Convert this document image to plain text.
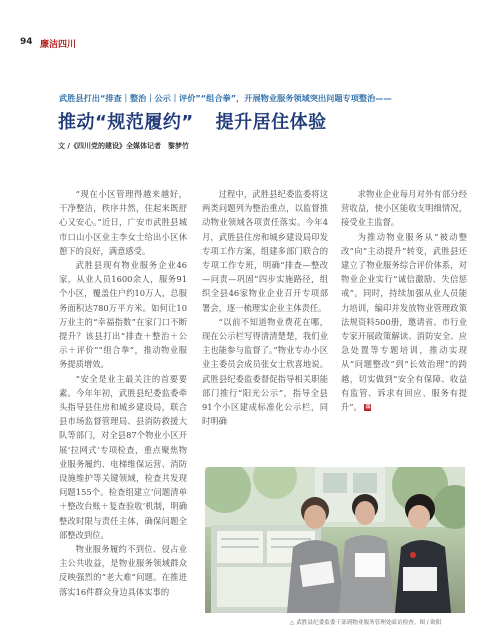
94 廉洁四川
武胜县打出“排查｜整治｜公示｜评价”“组合拳”，开展物业服务领域突出问题专项整治——
推动“规范履约” 提升居住体验
文 /《四川党的建设》全媒体记者　黎梦竹

“现在小区管理得越来越好，干净整洁，秩序井然，住起来既舒心又安心。”近日，广安市武胜县城市口山小区业主李女士给出小区休憩下的良好，满意感受。

武胜县现有物业服务企业46家，从业人员1600余人，服务91个小区，覆盖住户约10万人，总服务面积达780万平方米。如何让10万业主的“幸福指数”在家门口不断提升？该县打出“排查＋整治＋公示＋评价”“组合拳”，推动物业服务提质增效。

“安全是业主最关注的首要要素。今年年初，武胜县纪委监委牵头指导县住房和城乡建设局，联合县市场监督管理局、县消防救援大队等部门，对全县87个物业小区开展‘拉网式’专项检查，重点聚焦物业服务履约、电梯维保运营、消防设施维护等关键领域，检查共发现问题155个。检查组建立‘问题清单＋整改台账＋复查验收’机制，明确整改时限与责任主体，确保问题全部整改到位。

物业服务履约不到位、侵占业主公共收益，是物业服务领域群众反映强烈的“老大难”问题。在推进落实16件群众身边具体实事的

过程中，武胜县纪委监委将这两类问题列为整治重点，以监督推动物业领域各项责任落实。今年4月，武胜县住房和城乡建设局印发专项工作方案，组建多部门联合的专项工作专班，明确“排查—整改—问责—巩固”四步实施路径，组织全县46家物业企业召开专项部署会，逐一梳理实企业主体责任。

“以前不知道物业费花在哪，现在公示栏写得清清楚楚，我们业主也能参与监督了。”物业专办小区业主委员会成员张女士欣喜地说。武胜县纪委监委督促指导相关职能部门推行“阳光公示”，指导全县91个小区建成标准化公示栏，同时明确

求物业企业每月对外有部分经营收益，使小区能收支明细情况，接受业主监督。

为推动物业服务从“被动整改”向“主动提升”转变，武胜县还建立了物业服务综合评价体系，对物业企业实行“诚信激励、失信惩戒”。同时，持续加强从业人员能力培训，编印并发放物业管理政策法规资料500册，邀请省、市行业专家开展政策解读、消防安全、应急处置等专题培训，推动实现从“问题整改”到“长效治理”的跨越，切实做到“安全有保障、收益有监管、诉求有回应、服务有提升”。 国

△ 武胜县纪委监委干部到物业服务管理处暗访检查。图 / 欧阳
